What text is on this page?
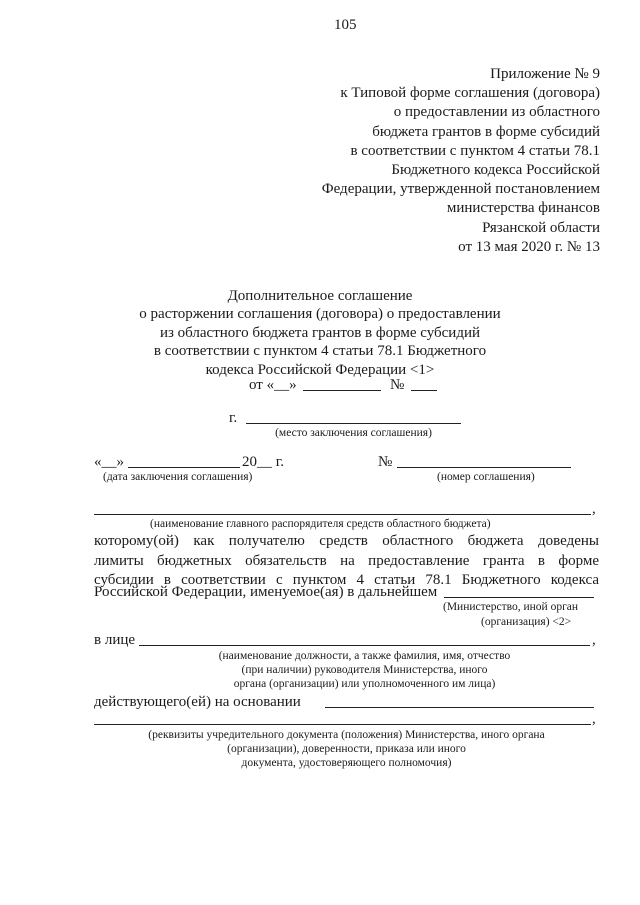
105
Приложение № 9
к Типовой форме соглашения (договора)
о предоставлении из областного
бюджета грантов в форме субсидий
в соответствии с пунктом 4 статьи 78.1
Бюджетного кодекса Российской
Федерации, утвержденной постановлением
министерства финансов
Рязанской области
от 13 мая 2020 г. № 13
Дополнительное соглашение
о расторжении соглашения (договора) о предоставлении
из областного бюджета грантов в форме субсидий
в соответствии с пунктом 4 статьи 78.1 Бюджетного
кодекса Российской Федерации <1>
от «__»	№
г.
(место заключения соглашения)
«__»	20__ г.
(дата заключения соглашения)
№
(номер соглашения)
,
(наименование главного распорядителя средств областного бюджета)
которому(ой) как получателю средств областного бюджета доведены
лимиты бюджетных обязательств на предоставление гранта в форме
субсидии в соответствии с пунктом 4 статьи 78.1 Бюджетного кодекса
Российской Федерации, именуемое(ая) в дальнейшем
(Министерство, иной орган
(организация) <2>
в лице	,
(наименование должности, а также фамилия, имя, отчество
(при наличии) руководителя Министерства, иного
органа (организации) или уполномоченного им лица)
действующего(ей) на основании
,
(реквизиты учредительного документа (положения) Министерства, иного органа
(организации), доверенности, приказа или иного
документа, удостоверяющего полномочия)
